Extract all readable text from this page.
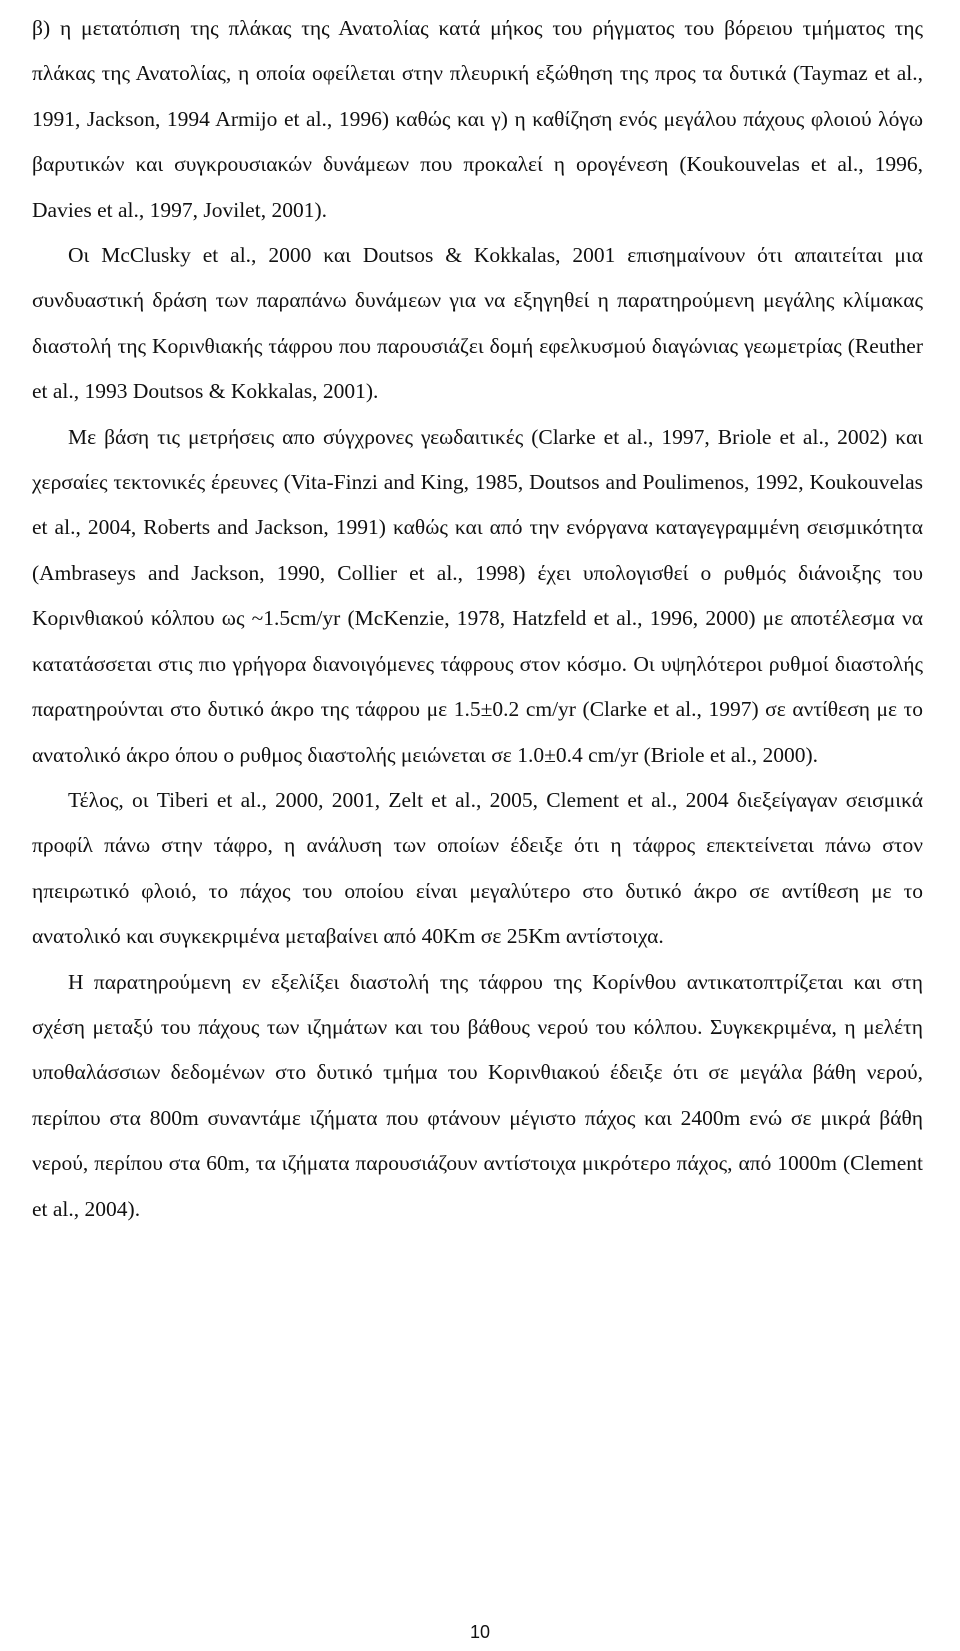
β) η μετατόπιση της πλάκας της Ανατολίας κατά μήκος του ρήγματος του βόρειου τμήματος της πλάκας της Ανατολίας, η οποία οφείλεται στην πλευρική εξώθηση της προς τα δυτικά (Taymaz et al., 1991, Jackson, 1994 Armijo et al., 1996) καθώς και γ) η καθίζηση ενός μεγάλου πάχους φλοιού λόγω βαρυτικών και συγκρουσιακών δυνάμεων που προκαλεί η ορογένεση (Koukouvelas et al., 1996, Davies et al., 1997, Jovilet, 2001).

Οι McClusky et al., 2000 και Doutsos & Kokkalas, 2001 επισημαίνουν ότι απαιτείται μια συνδυαστική δράση των παραπάνω δυνάμεων για να εξηγηθεί η παρατηρούμενη μεγάλης κλίμακας διαστολή της Κορινθιακής τάφρου που παρουσιάζει δομή εφελκυσμού διαγώνιας γεωμετρίας (Reuther et al., 1993 Doutsos & Kokkalas, 2001).

Με βάση τις μετρήσεις απο σύγχρονες γεωδαιτικές (Clarke et al., 1997, Briole et al., 2002) και χερσαίες τεκτονικές έρευνες (Vita-Finzi and King, 1985, Doutsos and Poulimenos, 1992, Koukouvelas et al., 2004, Roberts and Jackson, 1991) καθώς και από την ενόργανα καταγεγραμμένη σεισμικότητα (Ambraseys and Jackson, 1990, Collier et al., 1998) έχει υπολογισθεί ο ρυθμός διάνοιξης του Κορινθιακού κόλπου ως ~1.5cm/yr (McKenzie, 1978, Hatzfeld et al., 1996, 2000) με αποτέλεσμα να κατατάσσεται στις πιο γρήγορα διανοιγόμενες τάφρους στον κόσμο. Οι υψηλότεροι ρυθμοί διαστολής παρατηρούνται στο δυτικό άκρο της τάφρου με 1.5±0.2 cm/yr (Clarke et al., 1997) σε αντίθεση με το ανατολικό άκρο όπου ο ρυθμος διαστολής μειώνεται σε 1.0±0.4 cm/yr (Briole et al., 2000).

Τέλος, οι Tiberi et al., 2000, 2001, Zelt et al., 2005, Clement et al., 2004 διεξείγαγαν σεισμικά προφίλ πάνω στην τάφρο, η ανάλυση των οποίων έδειξε ότι η τάφρος επεκτείνεται πάνω στον ηπειρωτικό φλοιό, το πάχος του οποίου είναι μεγαλύτερο στο δυτικό άκρο σε αντίθεση με το ανατολικό και συγκεκριμένα μεταβαίνει από 40Km σε 25Km αντίστοιχα.

Η παρατηρούμενη εν εξελίξει διαστολή της τάφρου της Κορίνθου αντικατοπτρίζεται και στη σχέση μεταξύ του πάχους των ιζημάτων και του βάθους νερού του κόλπου. Συγκεκριμένα, η μελέτη υποθαλάσσιων δεδομένων στο δυτικό τμήμα του Κορινθιακού έδειξε ότι σε μεγάλα βάθη νερού, περίπου στα 800m συναντάμε ιζήματα που φτάνουν μέγιστο πάχος και 2400m ενώ σε μικρά βάθη νερού, περίπου στα 60m, τα ιζήματα παρουσιάζουν αντίστοιχα μικρότερο πάχος, από 1000m (Clement et al., 2004).

10
